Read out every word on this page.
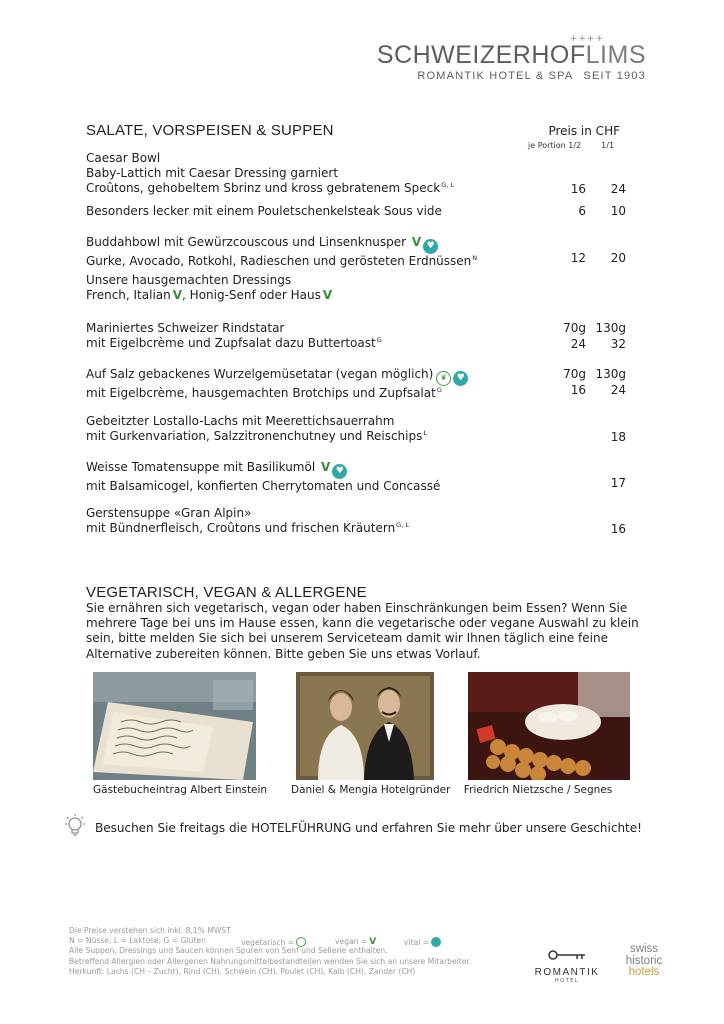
++++
SCHWEIZERHOFLIMS
ROMANTIK HOTEL & SPA SEIT 1903
SALATE, VORSPEISEN & SUPPEN	Preis in CHF
je Portion 1/2	1/1
Caesar Bowl
Baby-Lattich mit Caesar Dressing garniert
Croûtons, gehobeltem Sbrinz und kross gebratenem Speck$^{G, L}$	16 24
Besonders lecker mit einem Pouletschenkelsteak Sous vide	6 10
Buddahbowl mit Gewürzcouscous und Linsenknusper V ♥
Gurke, Avocado, Rotkohl, Radieschen und gerösteten Erdnüssen$^N$	12 20
Unsere hausgemachten Dressings
French, Italian V, Honig-Senf oder Haus V
Mariniertes Schweizer Rindstatar
mit Eigelbcrème und Zupfsalat dazu Buttertoast$^G$
70g 130g
24 32
Auf Salz gebackenes Wurzelgemüsetatar (vegan möglich) ❦ ♥
mit Eigelbcrème, hausgemachten Brotchips und Zupfsalat$^G$
70g 130g
16 24
Gebeitzter Lostallo-Lachs mit Meerettichsauerrahm
mit Gurkenvariation, Salzzitronenchutney und Reischips$^L$	18
Weisse Tomatensuppe mit Basilikumöl V ♥
mit Balsamicogel, konfierten Cherrytomaten und Concassé	17
Gerstensuppe «Gran Alpin»
mit Bündnerfleisch, Croûtons und frischen Kräutern$^{G, L}$	16
VEGETARISCH, VEGAN & ALLERGENE
Sie ernähren sich vegetarisch, vegan oder haben Einschränkungen beim Essen? Wenn Sie mehrere Tage bei uns im Hause essen, kann die vegetarische oder vegane Auswahl zu klein sein, bitte melden Sie sich bei unserem Serviceteam damit wir Ihnen täglich eine feine Alternative zubereiten können. Bitte geben Sie uns etwas Vorlauf.
Gästebucheintrag Albert Einstein Daniel & Mengia Hotelgründer Friedrich Nietzsche / Segnes
Besuchen Sie freitags die HOTELFÜHRUNG und erfahren Sie mehr über unsere Geschichte!
Die Preise verstehen sich inkl. 8,1% MWST
N = Nüsse, L = Laktose, G = Gluten
Alle Suppen, Dressings und Saucen können Spuren von Senf und Sellerie enthalten.
Betreffend Allergien oder Allergenen Nahrungsmittelbestandteilen wenden Sie sich an unsere Mitarbeiter.
Herkunft: Lachs (CH – Zucht), Rind (CH), Schwein (CH), Poulet (CH), Kalb (CH), Zander (CH)
vegetarisch =	vegan = V	vital =
ROMANTIK
HOTEL
swiss
historic
hotels
